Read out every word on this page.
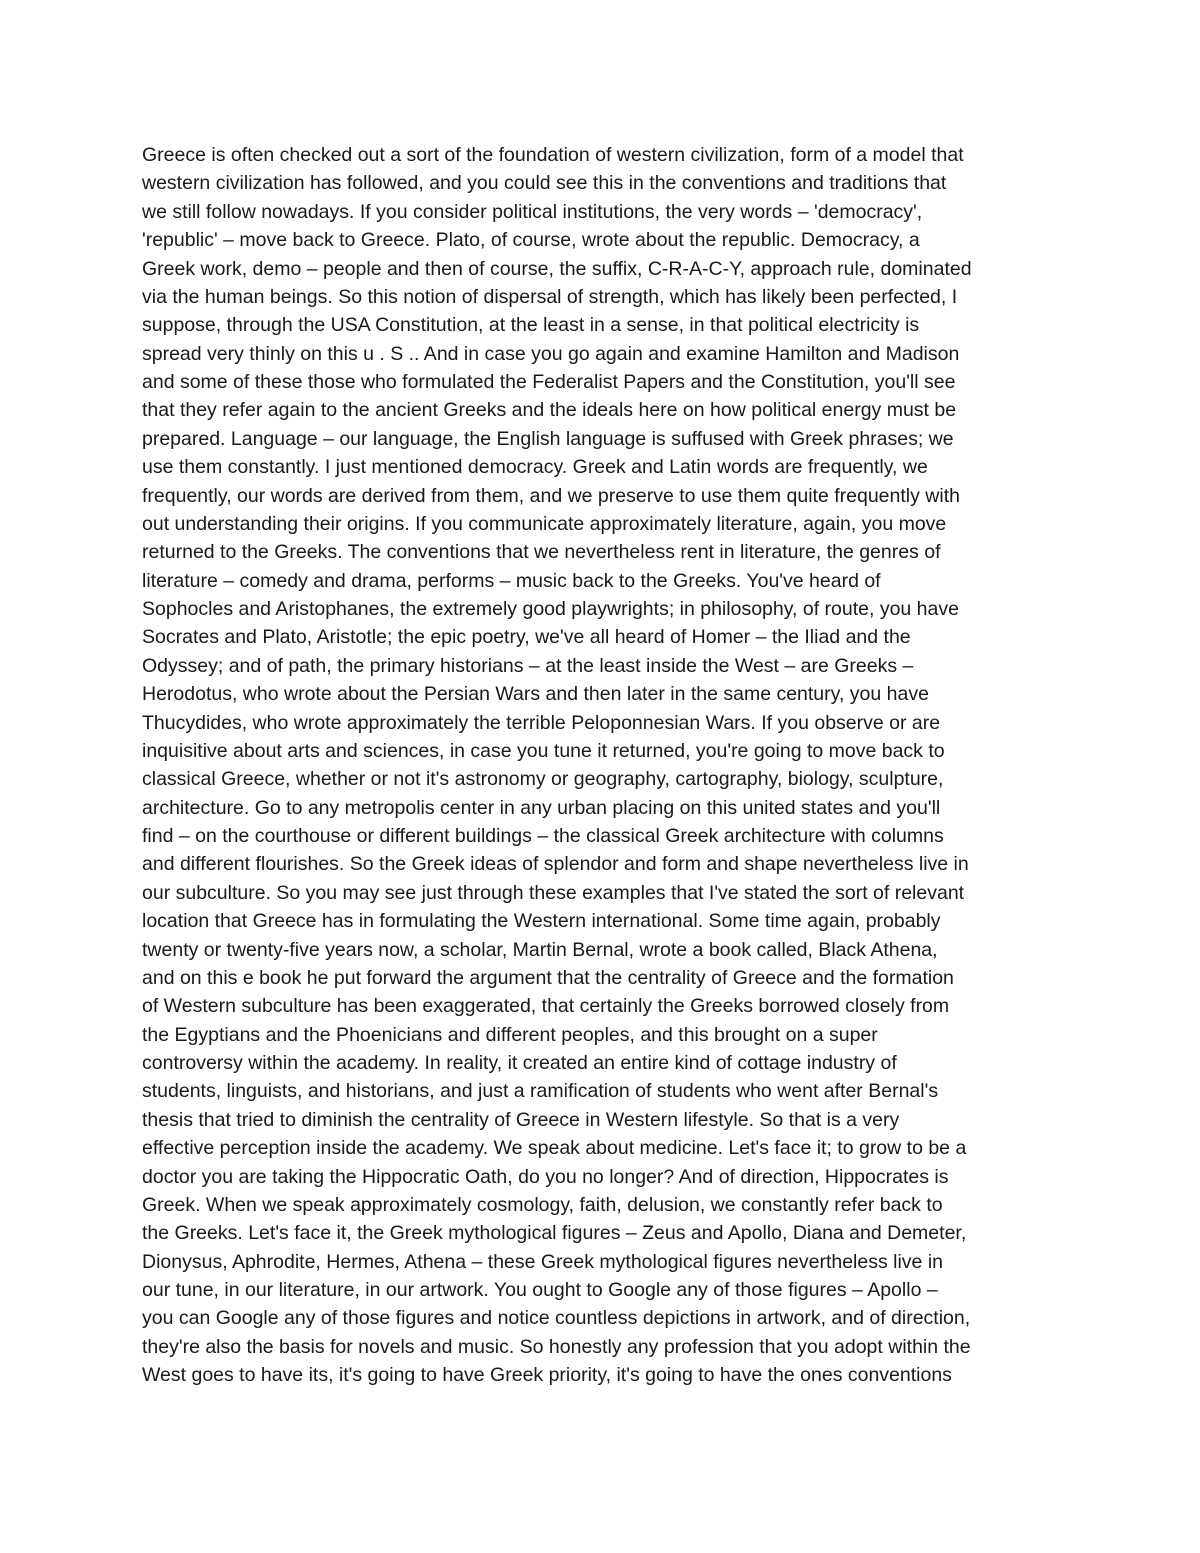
Greece is often checked out a sort of the foundation of western civilization, form of a model that
western civilization has followed, and you could see this in the conventions and traditions that
we still follow nowadays. If you consider political institutions, the very words – 'democracy',
'republic' – move back to Greece. Plato, of course, wrote about the republic. Democracy, a
Greek work, demo – people and then of course, the suffix, C-R-A-C-Y, approach rule, dominated
via the human beings. So this notion of dispersal of strength, which has likely been perfected, I
suppose, through the USA Constitution, at the least in a sense, in that political electricity is
spread very thinly on this u . S .. And in case you go again and examine Hamilton and Madison
and some of these those who formulated the Federalist Papers and the Constitution, you'll see
that they refer again to the ancient Greeks and the ideals here on how political energy must be
prepared. Language – our language, the English language is suffused with Greek phrases; we
use them constantly. I just mentioned democracy. Greek and Latin words are frequently, we
frequently, our words are derived from them, and we preserve to use them quite frequently with
out understanding their origins. If you communicate approximately literature, again, you move
returned to the Greeks. The conventions that we nevertheless rent in literature, the genres of
literature – comedy and drama, performs – music back to the Greeks. You've heard of
Sophocles and Aristophanes, the extremely good playwrights; in philosophy, of route, you have
Socrates and Plato, Aristotle; the epic poetry, we've all heard of Homer – the Iliad and the
Odyssey; and of path, the primary historians – at the least inside the West – are Greeks –
Herodotus, who wrote about the Persian Wars and then later in the same century, you have
Thucydides, who wrote approximately the terrible Peloponnesian Wars. If you observe or are
inquisitive about arts and sciences, in case you tune it returned, you're going to move back to
classical Greece, whether or not it's astronomy or geography, cartography, biology, sculpture,
architecture. Go to any metropolis center in any urban placing on this united states and you'll
find – on the courthouse or different buildings – the classical Greek architecture with columns
and different flourishes. So the Greek ideas of splendor and form and shape nevertheless live in
our subculture. So you may see just through these examples that I've stated the sort of relevant
location that Greece has in formulating the Western international. Some time again, probably
twenty or twenty-five years now, a scholar, Martin Bernal, wrote a book called, Black Athena,
and on this e book he put forward the argument that the centrality of Greece and the formation
of Western subculture has been exaggerated, that certainly the Greeks borrowed closely from
the Egyptians and the Phoenicians and different peoples, and this brought on a super
controversy within the academy. In reality, it created an entire kind of cottage industry of
students, linguists, and historians, and just a ramification of students who went after Bernal's
thesis that tried to diminish the centrality of Greece in Western lifestyle. So that is a very
effective perception inside the academy. We speak about medicine. Let's face it; to grow to be a
doctor you are taking the Hippocratic Oath, do you no longer? And of direction, Hippocrates is
Greek. When we speak approximately cosmology, faith, delusion, we constantly refer back to
the Greeks. Let's face it, the Greek mythological figures – Zeus and Apollo, Diana and Demeter,
Dionysus, Aphrodite, Hermes, Athena – these Greek mythological figures nevertheless live in
our tune, in our literature, in our artwork. You ought to Google any of those figures – Apollo –
you can Google any of those figures and notice countless depictions in artwork, and of direction,
they're also the basis for novels and music. So honestly any profession that you adopt within the
West goes to have its, it's going to have Greek priority, it's going to have the ones conventions
